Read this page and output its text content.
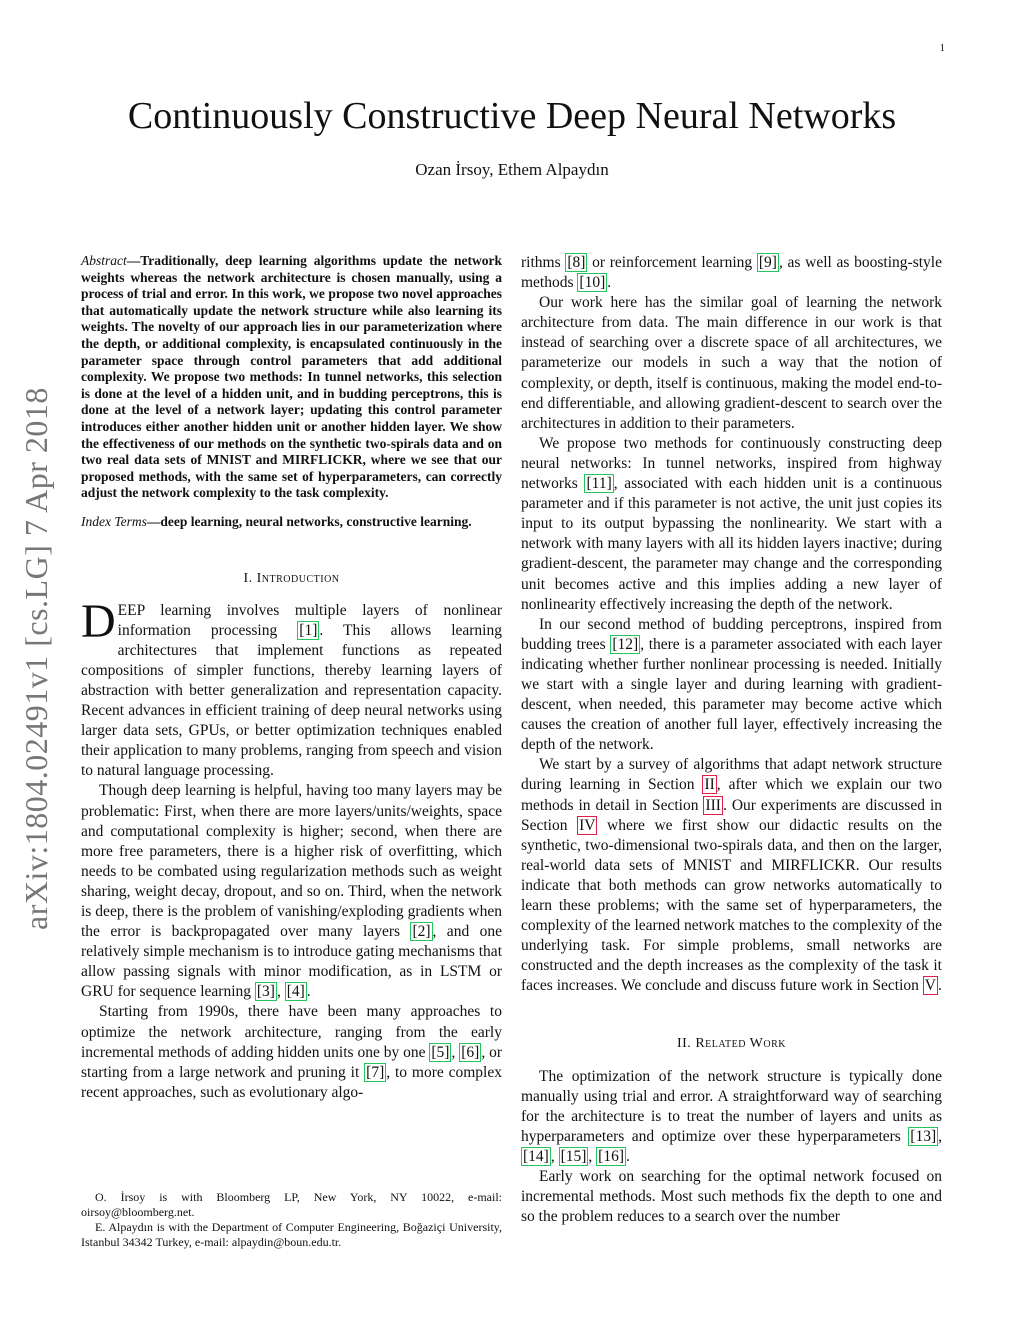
1
Continuously Constructive Deep Neural Networks
Ozan İrsoy, Ethem Alpaydın
arXiv:1804.02491v1 [cs.LG] 7 Apr 2018

Abstract—Traditionally, deep learning algorithms update the network weights whereas the network architecture is chosen manually, using a process of trial and error. In this work, we propose two novel approaches that automatically update the network structure while also learning its weights. The novelty of our approach lies in our parameterization where the depth, or additional complexity, is encapsulated continuously in the parameter space through control parameters that add additional complexity. We propose two methods: In tunnel networks, this selection is done at the level of a hidden unit, and in budding perceptrons, this is done at the level of a network layer; updating this control parameter introduces either another hidden unit or another hidden layer. We show the effectiveness of our methods on the synthetic two-spirals data and on two real data sets of MNIST and MIRFLICKR, where we see that our proposed methods, with the same set of hyperparameters, can correctly adjust the network complexity to the task complexity.

Index Terms—deep learning, neural networks, constructive learning.

I. Introduction

DEEP learning involves multiple layers of nonlinear information processing [1] . This allows learning architectures that implement functions as repeated compositions of simpler functions, thereby learning layers of abstraction with better generalization and representation capacity. Recent advances in efficient training of deep neural networks using larger data sets, GPUs, or better optimization techniques enabled their application to many problems, ranging from speech and vision to natural language processing.

Though deep learning is helpful, having too many layers may be problematic: First, when there are more layers/units/weights, space and computational complexity is higher; second, when there are more free parameters, there is a higher risk of overfitting, which needs to be combated using regularization methods such as weight sharing, weight decay, dropout, and so on. Third, when the network is deep, there is the problem of vanishing/exploding gradients when the error is backpropagated over many layers [2] , and one relatively simple mechanism is to introduce gating mechanisms that allow passing signals with minor modification, as in LSTM or GRU for sequence learning [3] , [4] .

Starting from 1990s, there have been many approaches to optimize the network architecture, ranging from the early incremental methods of adding hidden units one by one [5] , [6] , or starting from a large network and pruning it [7] , to more complex recent approaches, such as evolutionary algo-

O. İrsoy is with Bloomberg LP, New York, NY 10022, e-mail: oirsoy@bloomberg.net.

E. Alpaydın is with the Department of Computer Engineering, Boğaziçi University, Istanbul 34342 Turkey, e-mail: alpaydin@boun.edu.tr.

rithms [8] or reinforcement learning [9] , as well as boosting-style methods [10] .

Our work here has the similar goal of learning the network architecture from data. The main difference in our work is that instead of searching over a discrete space of all architectures, we parameterize our models in such a way that the notion of complexity, or depth, itself is continuous, making the model end-to-end differentiable, and allowing gradient-descent to search over the architectures in addition to their parameters.

We propose two methods for continuously constructing deep neural networks: In tunnel networks, inspired from highway networks [11] , associated with each hidden unit is a continuous parameter and if this parameter is not active, the unit just copies its input to its output bypassing the nonlinearity. We start with a network with many layers with all its hidden layers inactive; during gradient-descent, the parameter may change and the corresponding unit becomes active and this implies adding a new layer of nonlinearity effectively increasing the depth of the network.

In our second method of budding perceptrons, inspired from budding trees [12] , there is a parameter associated with each layer indicating whether further nonlinear processing is needed. Initially we start with a single layer and during learning with gradient-descent, when needed, this parameter may become active which causes the creation of another full layer, effectively increasing the depth of the network.

We start by a survey of algorithms that adapt network structure during learning in Section II , after which we explain our two methods in detail in Section III . Our experiments are discussed in Section IV where we first show our didactic results on the synthetic, two-dimensional two-spirals data, and then on the larger, real-world data sets of MNIST and MIRFLICKR. Our results indicate that both methods can grow networks automatically to learn these problems; with the same set of hyperparameters, the complexity of the learned network matches to the complexity of the underlying task. For simple problems, small networks are constructed and the depth increases as the complexity of the task it faces increases. We conclude and discuss future work in Section V .

II. Related Work

The optimization of the network structure is typically done manually using trial and error. A straightforward way of searching for the architecture is to treat the number of layers and units as hyperparameters and optimize over these hyperparameters [13] , [14] , [15] , [16] .

Early work on searching for the optimal network focused on incremental methods. Most such methods fix the depth to one and so the problem reduces to a search over the number
